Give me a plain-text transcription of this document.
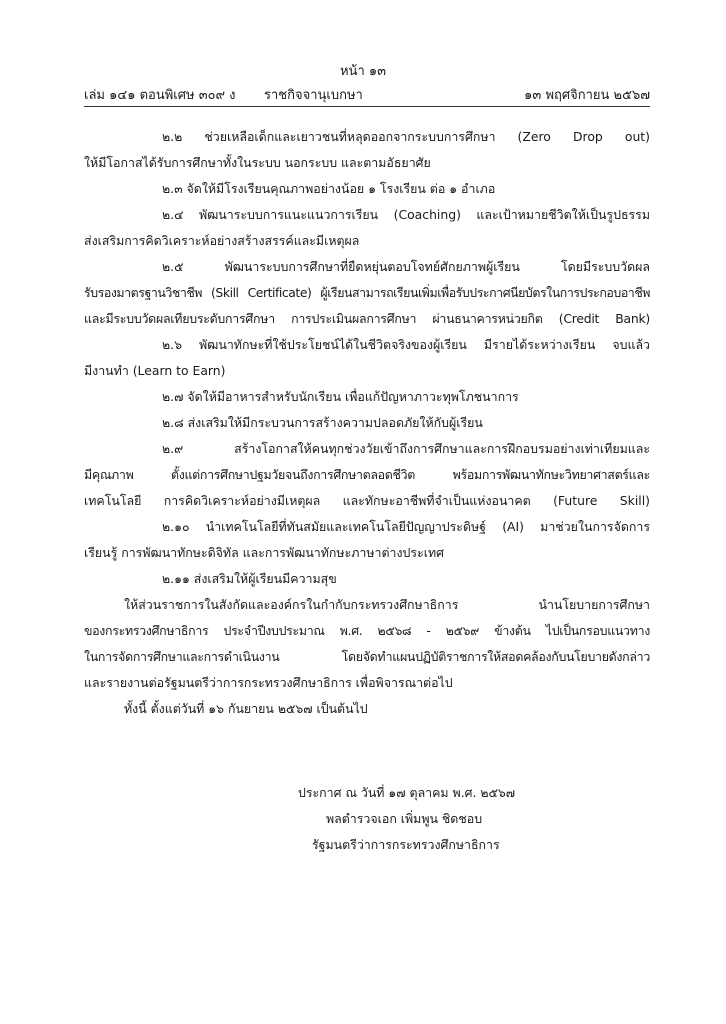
หน้า ๑๓
เล่ม ๑๔๑ ตอนพิเศษ ๓๐๙ ง ราชกิจจานุเบกษา	๑๓ พฤศจิกายน ๒๕๖๗
๒.๒ ช่วยเหลือเด็กและเยาวชนที่หลุดออกจากระบบการศึกษา (Zero Drop out)
ให้มีโอกาสได้รับการศึกษาทั้งในระบบ นอกระบบ และตามอัธยาศัย
๒.๓ จัดให้มีโรงเรียนคุณภาพอย่างน้อย ๑ โรงเรียน ต่อ ๑ อำเภอ
๒.๔ พัฒนาระบบการแนะแนวการเรียน (Coaching) และเป้าหมายชีวิตให้เป็นรูปธรรม
ส่งเสริมการคิดวิเคราะห์อย่างสร้างสรรค์และมีเหตุผล
๒.๕ พัฒนาระบบการศึกษาที่ยืดหยุ่นตอบโจทย์ศักยภาพผู้เรียน โดยมีระบบวัดผล
รับรองมาตรฐานวิชาชีพ (Skill Certificate) ผู้เรียนสามารถเรียนเพิ่มเพื่อรับประกาศนียบัตรในการประกอบอาชีพ
และมีระบบวัดผลเทียบระดับการศึกษา การประเมินผลการศึกษา ผ่านธนาคารหน่วยกิต (Credit Bank)
๒.๖ พัฒนาทักษะที่ใช้ประโยชน์ได้ในชีวิตจริงของผู้เรียน มีรายได้ระหว่างเรียน จบแล้ว
มีงานทำ (Learn to Earn)
๒.๗ จัดให้มีอาหารสำหรับนักเรียน เพื่อแก้ปัญหาภาวะทุพโภชนาการ
๒.๘ ส่งเสริมให้มีกระบวนการสร้างความปลอดภัยให้กับผู้เรียน
๒.๙ สร้างโอกาสให้คนทุกช่วงวัยเข้าถึงการศึกษาและการฝึกอบรมอย่างเท่าเทียมและ
มีคุณภาพ ตั้งแต่การศึกษาปฐมวัยจนถึงการศึกษาตลอดชีวิต พร้อมการพัฒนาทักษะวิทยาศาสตร์และ
เทคโนโลยี การคิดวิเคราะห์อย่างมีเหตุผล และทักษะอาชีพที่จำเป็นแห่งอนาคต (Future Skill)
๒.๑๐ นำเทคโนโลยีที่ทันสมัยและเทคโนโลยีปัญญาประดิษฐ์ (AI) มาช่วยในการจัดการ
เรียนรู้ การพัฒนาทักษะดิจิทัล และการพัฒนาทักษะภาษาต่างประเทศ
๒.๑๑ ส่งเสริมให้ผู้เรียนมีความสุข
ให้ส่วนราชการในสังกัดและองค์กรในกำกับกระทรวงศึกษาธิการ นำนโยบายการศึกษา
ของกระทรวงศึกษาธิการ ประจำปีงบประมาณ พ.ศ. ๒๕๖๘ - ๒๕๖๙ ข้างต้น ไปเป็นกรอบแนวทาง
ในการจัดการศึกษาและการดำเนินงาน โดยจัดทำแผนปฏิบัติราชการให้สอดคล้องกับนโยบายดังกล่าว
และรายงานต่อรัฐมนตรีว่าการกระทรวงศึกษาธิการ เพื่อพิจารณาต่อไป
ทั้งนี้ ตั้งแต่วันที่ ๑๖ กันยายน ๒๕๖๗ เป็นต้นไป
ประกาศ ณ วันที่ ๑๗ ตุลาคม พ.ศ. ๒๕๖๗
พลตำรวจเอก เพิ่มพูน ชิดชอบ
รัฐมนตรีว่าการกระทรวงศึกษาธิการ
